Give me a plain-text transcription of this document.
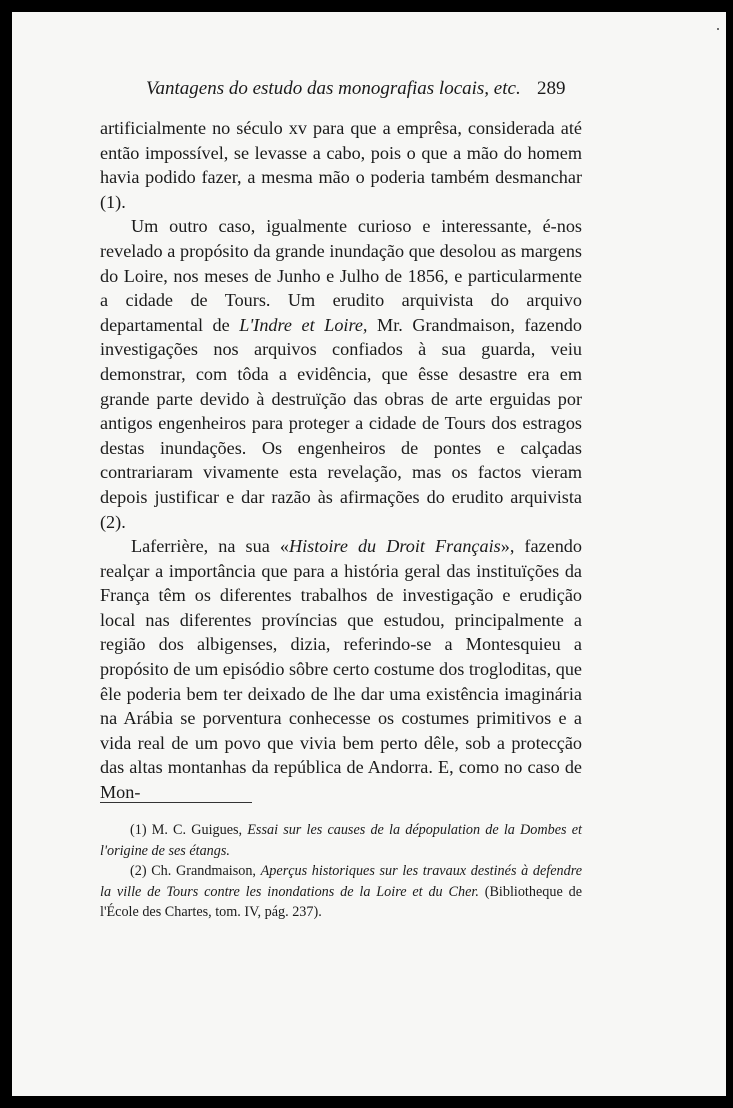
Vantagens do estudo das monografias locais, etc. 289

artificialmente no século xv para que a emprêsa, considerada até então impossível, se levasse a cabo, pois o que a mão do homem havia podido fazer, a mesma mão o poderia também desmanchar (1).

Um outro caso, igualmente curioso e interessante, é-nos revelado a propósito da grande inundação que desolou as margens do Loire, nos meses de Junho e Julho de 1856, e particularmente a cidade de Tours. Um erudito arquivista do arquivo departamental de L'Indre et Loire, Mr. Grandmaison, fazendo investigações nos arquivos confiados à sua guarda, veiu demonstrar, com tôda a evidência, que êsse desastre era em grande parte devido à destruïção das obras de arte erguidas por antigos engenheiros para proteger a cidade de Tours dos estragos destas inundações. Os engenheiros de pontes e calçadas contrariaram vivamente esta revelação, mas os factos vieram depois justificar e dar razão às afirmações do erudito arquivista (2).

Laferrière, na sua «Histoire du Droit Français», fazendo realçar a importância que para a história geral das instituïções da França têm os diferentes trabalhos de investigação e erudição local nas diferentes províncias que estudou, principalmente a região dos albigenses, dizia, referindo-se a Montesquieu a propósito de um episódio sôbre certo costume dos trogloditas, que êle poderia bem ter deixado de lhe dar uma existência imaginária na Arábia se porventura conhecesse os costumes primitivos e a vida real de um povo que vivia bem perto dêle, sob a protecção das altas montanhas da república de Andorra. E, como no caso de Mon-

(1) M. C. Guigues, Essai sur les causes de la dépopulation de la Dombes et l'origine de ses étangs.

(2) Ch. Grandmaison, Aperçus historiques sur les travaux destinés à defendre la ville de Tours contre les inondations de la Loire et du Cher. (Bibliotheque de l'École des Chartes, tom. IV, pág. 237).
